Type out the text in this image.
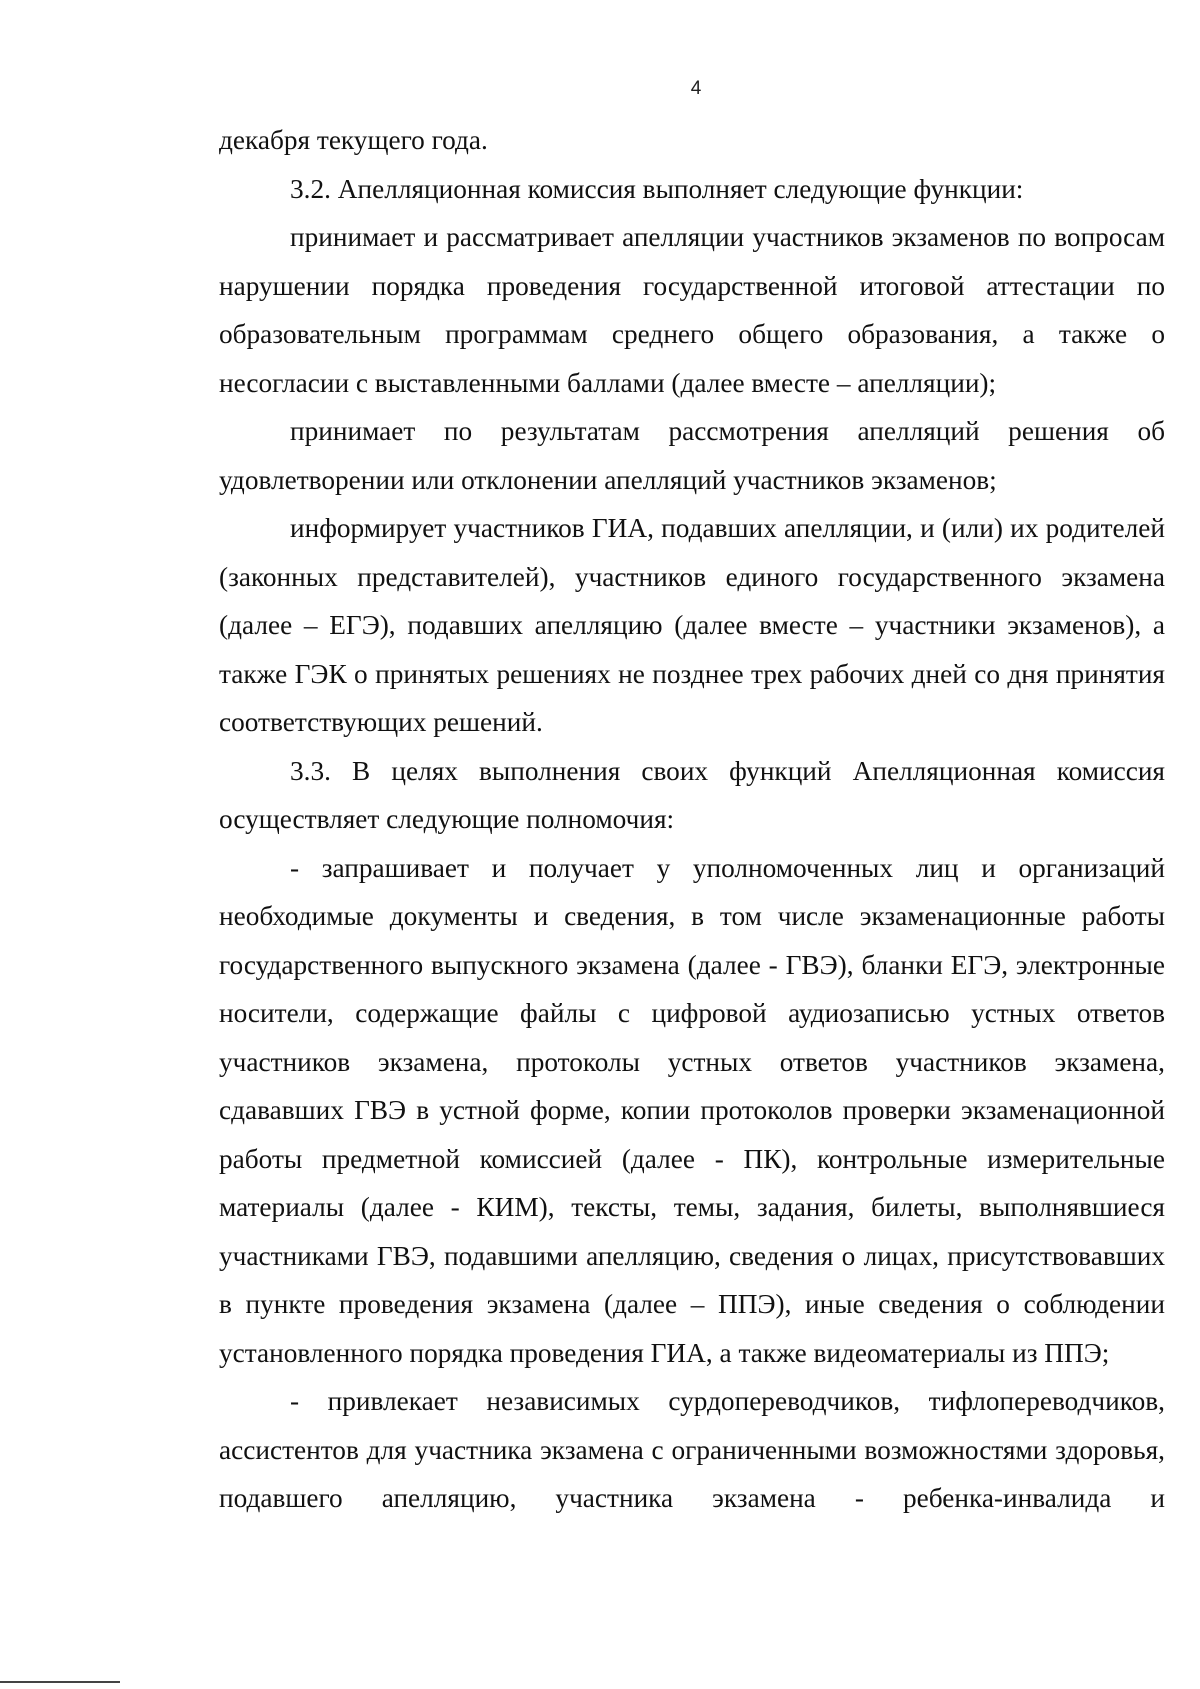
4

декабря текущего года.

3.2. Апелляционная комиссия выполняет следующие функции:

принимает и рассматривает апелляции участников экзаменов по вопросам нарушении порядка проведения государственной итоговой аттестации по образовательным программам среднего общего образования, а также о несогласии с выставленными баллами (далее вместе – апелляции);

принимает по результатам рассмотрения апелляций решения об удовлетворении или отклонении апелляций участников экзаменов;

информирует участников ГИА, подавших апелляции, и (или) их родителей (законных представителей), участников единого государственного экзамена (далее – ЕГЭ), подавших апелляцию (далее вместе – участники экзаменов), а также ГЭК о принятых решениях не позднее трех рабочих дней со дня принятия соответствующих решений.

3.3. В целях выполнения своих функций Апелляционная комиссия осуществляет следующие полномочия:

- запрашивает и получает у уполномоченных лиц и организаций необходимые документы и сведения, в том числе экзаменационные работы государственного выпускного экзамена (далее - ГВЭ), бланки ЕГЭ, электронные носители, содержащие файлы с цифровой аудиозаписью устных ответов участников экзамена, протоколы устных ответов участников экзамена, сдававших ГВЭ в устной форме, копии протоколов проверки экзаменационной работы предметной комиссией (далее - ПК), контрольные измерительные материалы (далее - КИМ), тексты, темы, задания, билеты, выполнявшиеся участниками ГВЭ, подавшими апелляцию, сведения о лицах, присутствовавших в пункте проведения экзамена (далее – ППЭ), иные сведения о соблюдении установленного порядка проведения ГИА, а также видеоматериалы из ППЭ;

- привлекает независимых сурдопереводчиков, тифлопереводчиков, ассистентов для участника экзамена с ограниченными возможностями здоровья, подавшего апелляцию, участника экзамена - ребенка-инвалида и
